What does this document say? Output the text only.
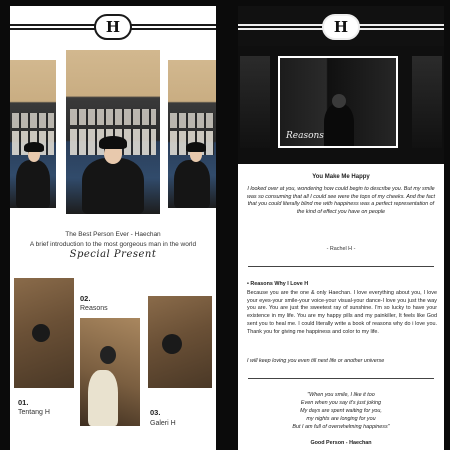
H
The Best Person Ever - Haechan
A brief introduction to the most gorgeous man in the world
Special Present
02.
Reasons
01.
Tentang H	03.
Galeri H
H
Reasons
You Make Me Happy
I looked over at you, wondering how could begin to describe you. But my smile was so consuming that all I could see were the tops of my cheeks. And the fact that you could literally blind me with happiness was a perfect representation of the kind of effect you have on people
- Rachel H -
• Reasons Why I Love H
Because you are the one & only Haechan. I love everything about you, I love your eyes-your smile-your voice-your visual-your dance-I love you just the way you are. You are just the sweetest ray of sunshine. I'm so lucky to have your existence in my life. You are my happy pills and my painkiller, It feels like God sent you to heal me. I could literally write a book of reasons why do i love you. Thank you for giving me happiness and color to my life.
I will keep loving you even till next life or another universe
"When you smile, I like it too
Even when you say it's just joking
My days are spent waiting for you,
my nights are longing for you
But I am full of overwhelming happiness"
Good Person - Haechan
